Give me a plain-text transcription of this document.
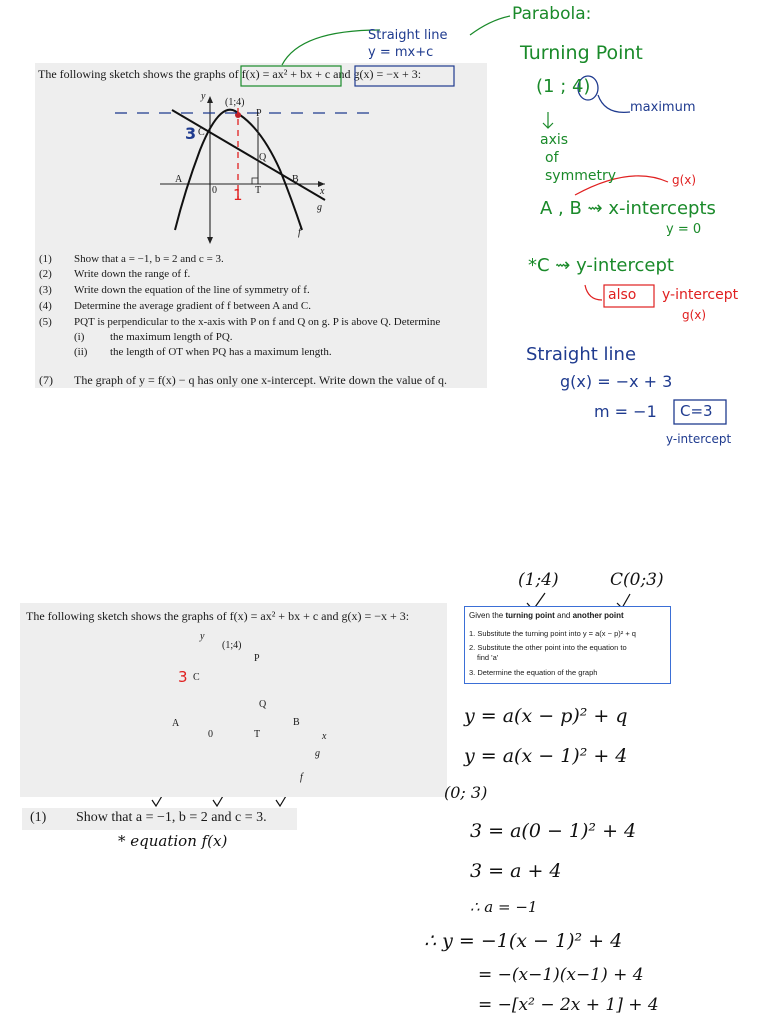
The following sketch shows the graphs of f(x) = ax² + bx + c and g(x) = −x + 3:
y
(1;4)
P
C
Q
A
0	T
B
x
g
f
(1) Show that a = −1, b = 2 and c = 3.
(2) Write down the range of f.
(3) Write down the equation of the line of symmetry of f.
(4) Determine the average gradient of f between A and C.
(5) PQT is perpendicular to the x-axis with P on f and Q on g. P is above Q. Determine
(i) the maximum length of PQ.
(ii) the length of OT when PQ has a maximum length.
(7) The graph of y = f(x) − q has only one x-intercept. Write down the value of q.
The following sketch shows the graphs of f(x) = ax² + bx + c and g(x) = −x + 3:
y
(1;4)
P
C
Q
A
0	T
B
x
g
f
(1) Show that a = −1, b = 2 and c = 3.
Given the turning point and another point
1. Substitute the turning point into y = a(x − p)² + q
2. Substitute the other point into the equation to
find 'a'
3. Determine the equation of the graph
Parabola:
Straight line
y = mx+c	Turning Point
(1 ; 4)
maximum
axis
of
symmetry	g(x)
A , B ⇝ x-intercepts
y = 0
*C ⇝ y-intercept
also y-intercept
g(x)
Straight line
g(x) = −x + 3
m = −1 C=3
y-intercept
3
1
3
(1;4)	C(0;3)
* equation f(x)
y = a(x − p)² + q
y = a(x − 1)² + 4
(0; 3)
3 = a(0 − 1)² + 4
3 = a + 4
∴ a = −1
∴ y = −1(x − 1)² + 4
= −(x−1)(x−1) + 4
= −[x² − 2x + 1] + 4
